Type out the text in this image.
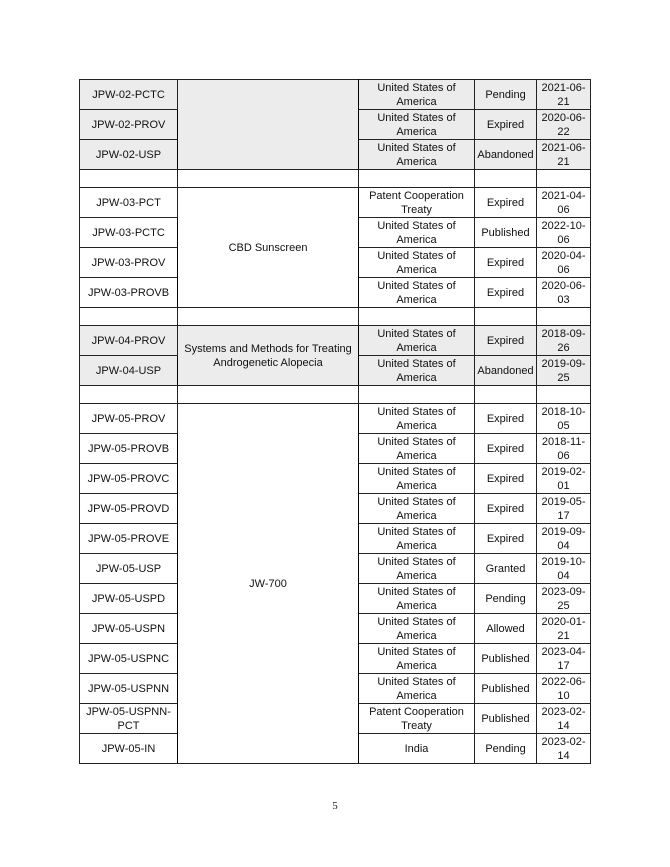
JPW-02-PCTC		United States of America	Pending	2021-06-21
JPW-02-PROV		United States of America	Expired	2020-06-22
JPW-02-USP		United States of America	Abandoned	2021-06-21

JPW-03-PCT	CBD Sunscreen	Patent Cooperation Treaty	Expired	2021-04-06
JPW-03-PCTC		United States of America	Published	2022-10-06
JPW-03-PROV		United States of America	Expired	2020-04-06
JPW-03-PROVB		United States of America	Expired	2020-06-03

JPW-04-PROV	Systems and Methods for Treating Androgenetic Alopecia	United States of America	Expired	2018-09-26
JPW-04-USP		United States of America	Abandoned	2019-09-25

JPW-05-PROV	JW-700	United States of America	Expired	2018-10-05
JPW-05-PROVB		United States of America	Expired	2018-11-06
JPW-05-PROVC		United States of America	Expired	2019-02-01
JPW-05-PROVD		United States of America	Expired	2019-05-17
JPW-05-PROVE		United States of America	Expired	2019-09-04
JPW-05-USP		United States of America	Granted	2019-10-04
JPW-05-USPD		United States of America	Pending	2023-09-25
JPW-05-USPN		United States of America	Allowed	2020-01-21
JPW-05-USPNC		United States of America	Published	2023-04-17
JPW-05-USPNN		United States of America	Published	2022-06-10
JPW-05-USPNN-PCT		Patent Cooperation Treaty	Published	2023-02-14
JPW-05-IN		India	Pending	2023-02-14
5
